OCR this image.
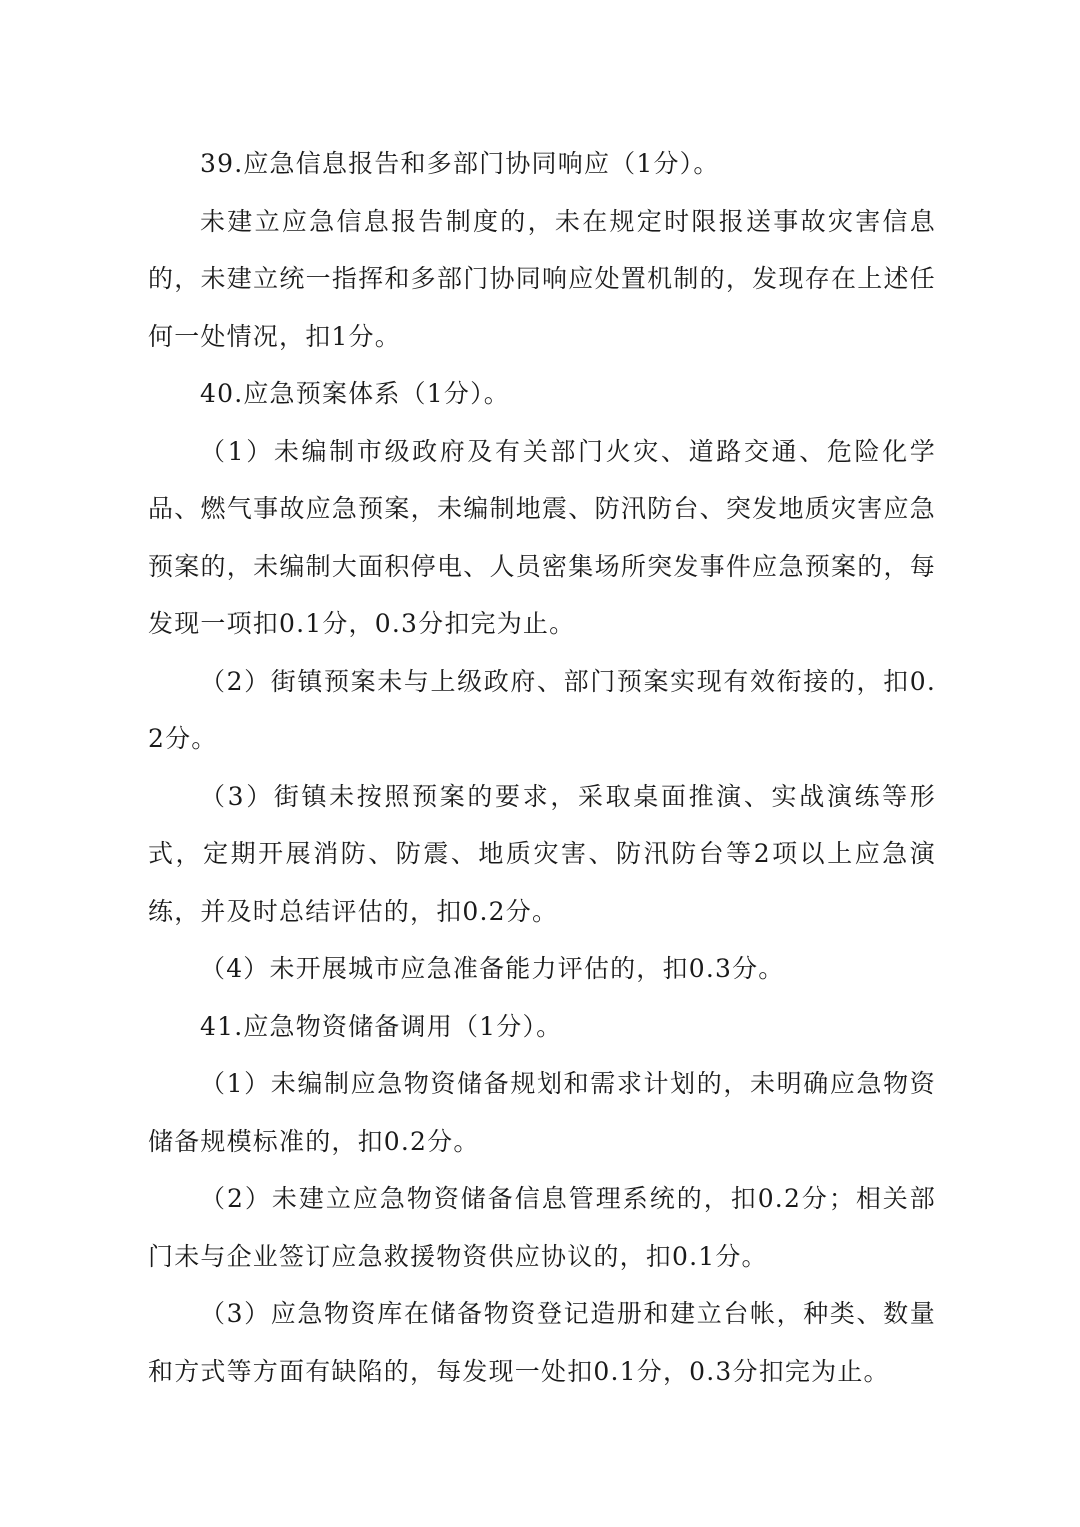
39.应急信息报告和多部门协同响应（1分）。

未建立应急信息报告制度的，未在规定时限报送事故灾害信息的，未建立统一指挥和多部门协同响应处置机制的，发现存在上述任何一处情况，扣1分。

40.应急预案体系（1分）。

（1）未编制市级政府及有关部门火灾、道路交通、危险化学品、燃气事故应急预案，未编制地震、防汛防台、突发地质灾害应急预案的，未编制大面积停电、人员密集场所突发事件应急预案的，每发现一项扣0.1分，0.3分扣完为止。

（2）街镇预案未与上级政府、部门预案实现有效衔接的，扣0.2分。

（3）街镇未按照预案的要求，采取桌面推演、实战演练等形式，定期开展消防、防震、地质灾害、防汛防台等2项以上应急演练，并及时总结评估的，扣0.2分。

（4）未开展城市应急准备能力评估的，扣0.3分。

41.应急物资储备调用（1分）。

（1）未编制应急物资储备规划和需求计划的，未明确应急物资储备规模标准的，扣0.2分。

（2）未建立应急物资储备信息管理系统的，扣0.2分；相关部门未与企业签订应急救援物资供应协议的，扣0.1分。

（3）应急物资库在储备物资登记造册和建立台帐，种类、数量和方式等方面有缺陷的，每发现一处扣0.1分，0.3分扣完为止。
